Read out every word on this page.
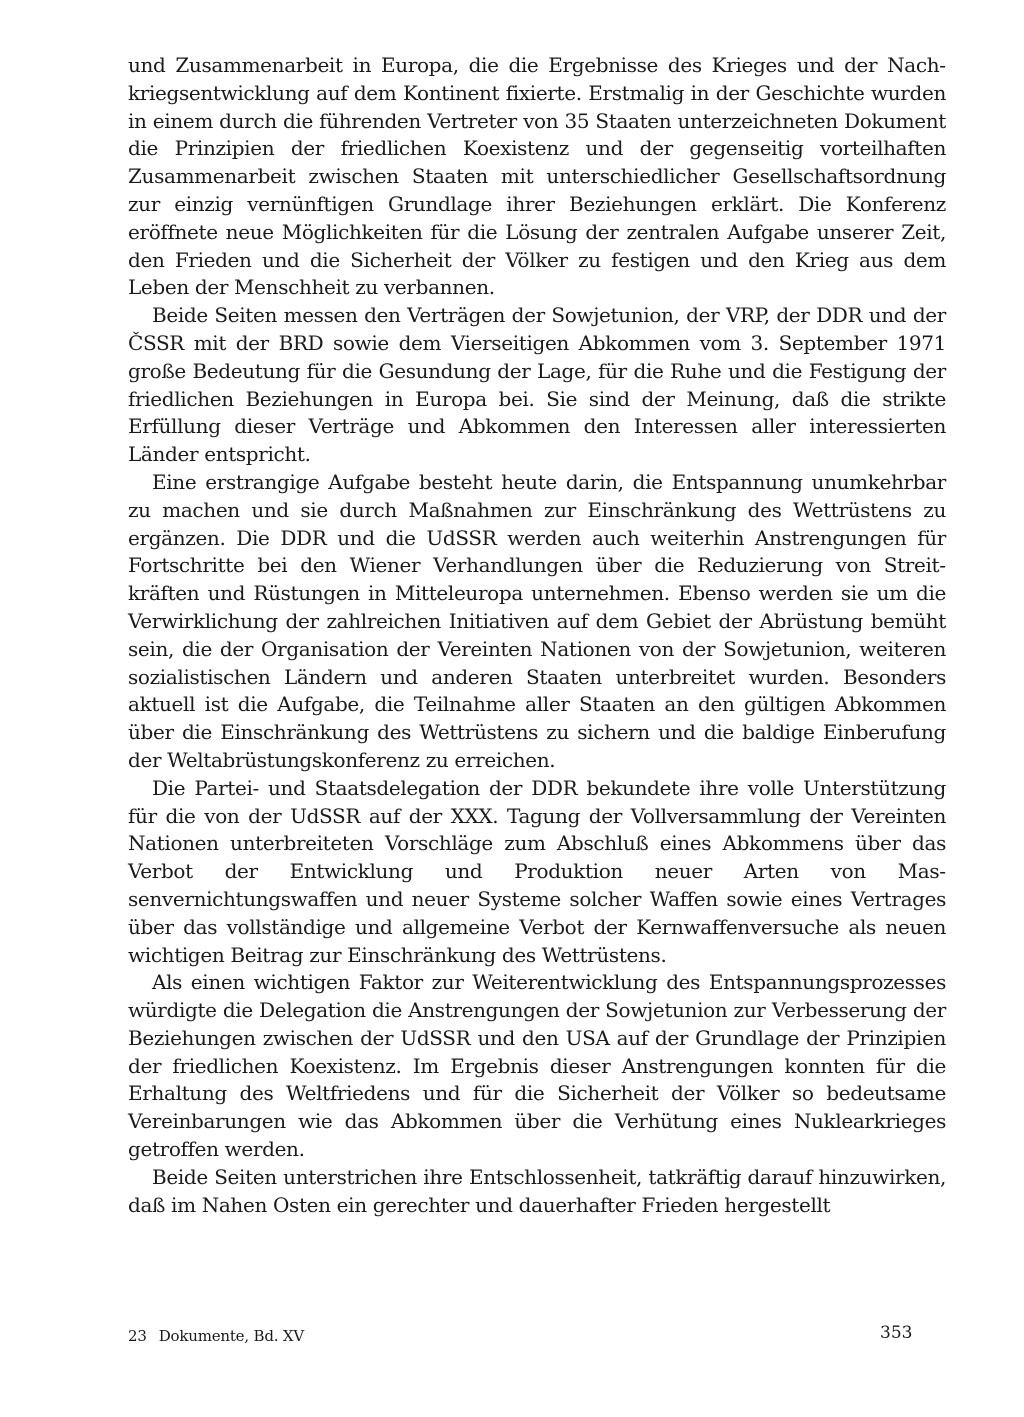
und Zusammenarbeit in Europa, die die Ergebnisse des Krieges und der Nachkriegsentwicklung auf dem Kontinent fixierte. Erstmalig in der Geschichte wurden in einem durch die führenden Vertreter von 35 Staaten unterzeichneten Dokument die Prinzipien der friedlichen Koexistenz und der gegenseitig vorteilhaften Zusammenarbeit zwischen Staaten mit unterschiedlicher Gesellschaftsordnung zur einzig vernünftigen Grundlage ihrer Beziehungen erklärt. Die Konferenz eröffnete neue Möglichkeiten für die Lösung der zentralen Aufgabe unserer Zeit, den Frieden und die Sicherheit der Völker zu festigen und den Krieg aus dem Leben der Menschheit zu verbannen.

Beide Seiten messen den Verträgen der Sowjetunion, der VRP, der DDR und der ČSSR mit der BRD sowie dem Vierseitigen Abkommen vom 3. September 1971 große Bedeutung für die Gesundung der Lage, für die Ruhe und die Festigung der friedlichen Beziehungen in Europa bei. Sie sind der Meinung, daß die strikte Erfüllung dieser Verträge und Abkommen den Interessen aller interessierten Länder entspricht.

Eine erstrangige Aufgabe besteht heute darin, die Entspannung unumkehrbar zu machen und sie durch Maßnahmen zur Einschränkung des Wettrüstens zu ergänzen. Die DDR und die UdSSR werden auch weiterhin Anstrengungen für Fortschritte bei den Wiener Verhandlungen über die Reduzierung von Streitkräften und Rüstungen in Mitteleuropa unternehmen. Ebenso werden sie um die Verwirklichung der zahlreichen Initiativen auf dem Gebiet der Abrüstung bemüht sein, die der Organisation der Vereinten Nationen von der Sowjetunion, weiteren sozialistischen Ländern und anderen Staaten unterbreitet wurden. Besonders aktuell ist die Aufgabe, die Teilnahme aller Staaten an den gültigen Abkommen über die Einschränkung des Wettrüstens zu sichern und die baldige Einberufung der Weltabrüstungskonferenz zu erreichen.

Die Partei- und Staatsdelegation der DDR bekundete ihre volle Unterstützung für die von der UdSSR auf der XXX. Tagung der Vollversammlung der Vereinten Nationen unterbreiteten Vorschläge zum Abschluß eines Abkommens über das Verbot der Entwicklung und Produktion neuer Arten von Massenvernichtungswaffen und neuer Systeme solcher Waffen sowie eines Vertrages über das vollständige und allgemeine Verbot der Kernwaffenversuche als neuen wichtigen Beitrag zur Einschränkung des Wettrüstens.

Als einen wichtigen Faktor zur Weiterentwicklung des Entspannungsprozesses würdigte die Delegation die Anstrengungen der Sowjetunion zur Verbesserung der Beziehungen zwischen der UdSSR und den USA auf der Grundlage der Prinzipien der friedlichen Koexistenz. Im Ergebnis dieser Anstrengungen konnten für die Erhaltung des Weltfriedens und für die Sicherheit der Völker so bedeutsame Vereinbarungen wie das Abkommen über die Verhütung eines Nuklearkrieges getroffen werden.

Beide Seiten unterstrichen ihre Entschlossenheit, tatkräftig darauf hinzuwirken, daß im Nahen Osten ein gerechter und dauerhafter Frieden hergestellt

23 Dokumente, Bd. XV	353
